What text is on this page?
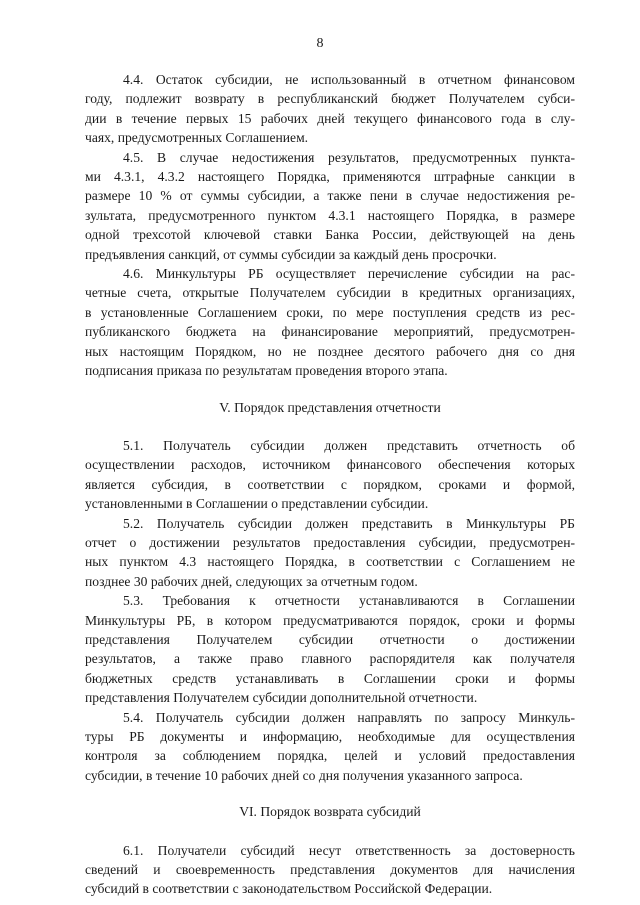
8
4.4. Остаток субсидии, не использованный в отчетном финансовом
году, подлежит возврату в республиканский бюджет Получателем субси-
дии в течение первых 15 рабочих дней текущего финансового года в слу-
чаях, предусмотренных Соглашением.
4.5. В случае недостижения результатов, предусмотренных пункта-
ми 4.3.1, 4.3.2 настоящего Порядка, применяются штрафные санкции в
размере 10 % от суммы субсидии, а также пени в случае недостижения ре-
зультата, предусмотренного пунктом 4.3.1 настоящего Порядка, в размере
одной трехсотой ключевой ставки Банка России, действующей на день
предъявления санкций, от суммы субсидии за каждый день просрочки.
4.6. Минкультуры РБ осуществляет перечисление субсидии на рас-
четные счета, открытые Получателем субсидии в кредитных организациях,
в установленные Соглашением сроки, по мере поступления средств из рес-
публиканского бюджета на финансирование мероприятий, предусмотрен-
ных настоящим Порядком, но не позднее десятого рабочего дня со дня
подписания приказа по результатам проведения второго этапа.
V. Порядок представления отчетности
5.1. Получатель субсидии должен представить отчетность об
осуществлении расходов, источником финансового обеспечения которых
является субсидия, в соответствии с порядком, сроками и формой,
установленными в Соглашении о представлении субсидии.
5.2. Получатель субсидии должен представить в Минкультуры РБ
отчет о достижении результатов предоставления субсидии, предусмотрен-
ных пунктом 4.3 настоящего Порядка, в соответствии с Соглашением не
позднее 30 рабочих дней, следующих за отчетным годом.
5.3. Требования к отчетности устанавливаются в Соглашении
Минкультуры РБ, в котором предусматриваются порядок, сроки и формы
представления Получателем субсидии отчетности о достижении
результатов, а также право главного распорядителя как получателя
бюджетных средств устанавливать в Соглашении сроки и формы
представления Получателем субсидии дополнительной отчетности.
5.4. Получатель субсидии должен направлять по запросу Минкуль-
туры РБ документы и информацию, необходимые для осуществления
контроля за соблюдением порядка, целей и условий предоставления
субсидии, в течение 10 рабочих дней со дня получения указанного запроса.
VI. Порядок возврата субсидий
6.1. Получатели субсидий несут ответственность за достоверность
сведений и своевременность представления документов для начисления
субсидий в соответствии с законодательством Российской Федерации.
